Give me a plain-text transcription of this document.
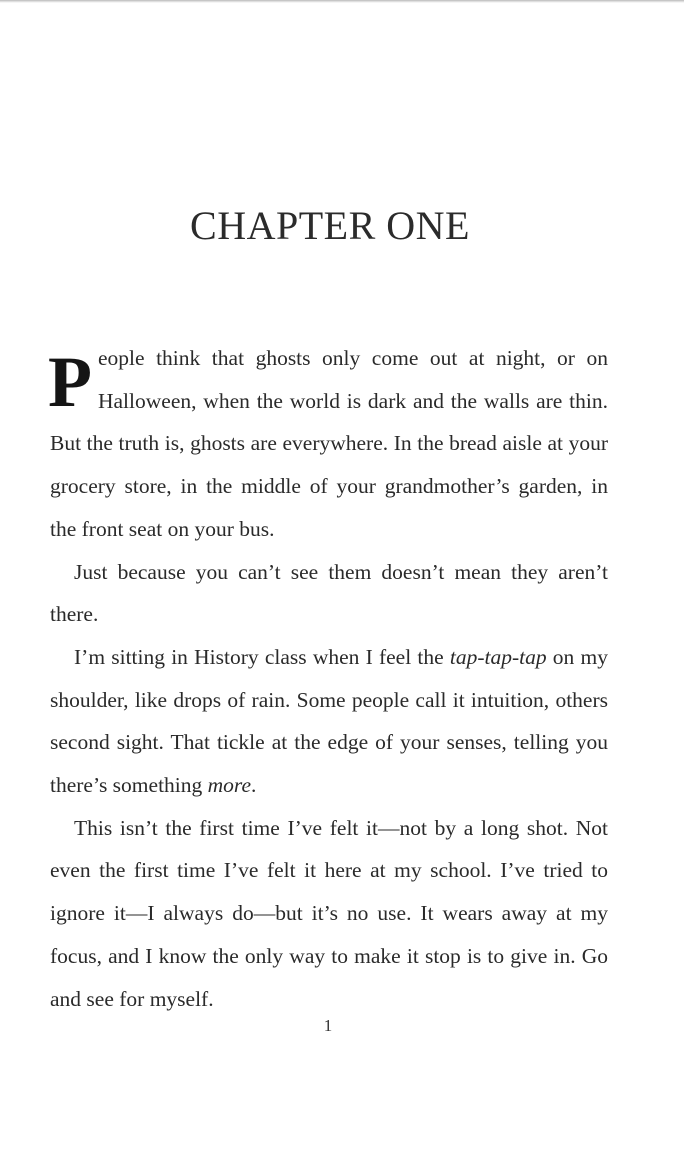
CHAPTER ONE

People think that ghosts only come out at night, or on Halloween, when the world is dark and the walls are thin. But the truth is, ghosts are everywhere. In the bread aisle at your grocery store, in the middle of your grandmother’s garden, in the front seat on your bus.

Just because you can’t see them doesn’t mean they aren’t there.

I’m sitting in History class when I feel the tap-tap-tap on my shoulder, like drops of rain. Some people call it intuition, others second sight. That tickle at the edge of your senses, telling you there’s something more.

This isn’t the first time I’ve felt it—not by a long shot. Not even the first time I’ve felt it here at my school. I’ve tried to ignore it—I always do—but it’s no use. It wears away at my focus, and I know the only way to make it stop is to give in. Go and see for myself.

1
